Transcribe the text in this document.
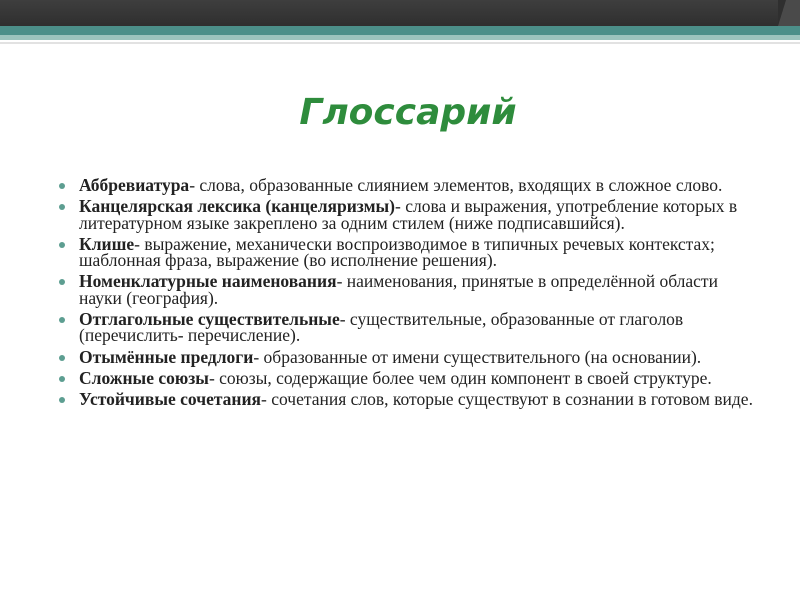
Глоссарий
Аббревиатура- слова, образованные слиянием элементов, входящих в сложное слово.
Канцелярская лексика (канцеляризмы)- слова и выражения, употребление которых в литературном языке закреплено за одним стилем (ниже подписавшийся).
Клише- выражение, механически воспроизводимое в типичных речевых контекстах; шаблонная фраза, выражение (во исполнение решения).
Номенклатурные наименования- наименования, принятые в определённой области науки (география).
Отглагольные существительные- существительные, образованные от глаголов (перечислить- перечисление).
Отымённые предлоги- образованные от имени существительного (на основании).
Сложные союзы- союзы, содержащие более чем один компонент в своей структуре.
Устойчивые сочетания- сочетания слов, которые существуют в сознании в готовом виде.
